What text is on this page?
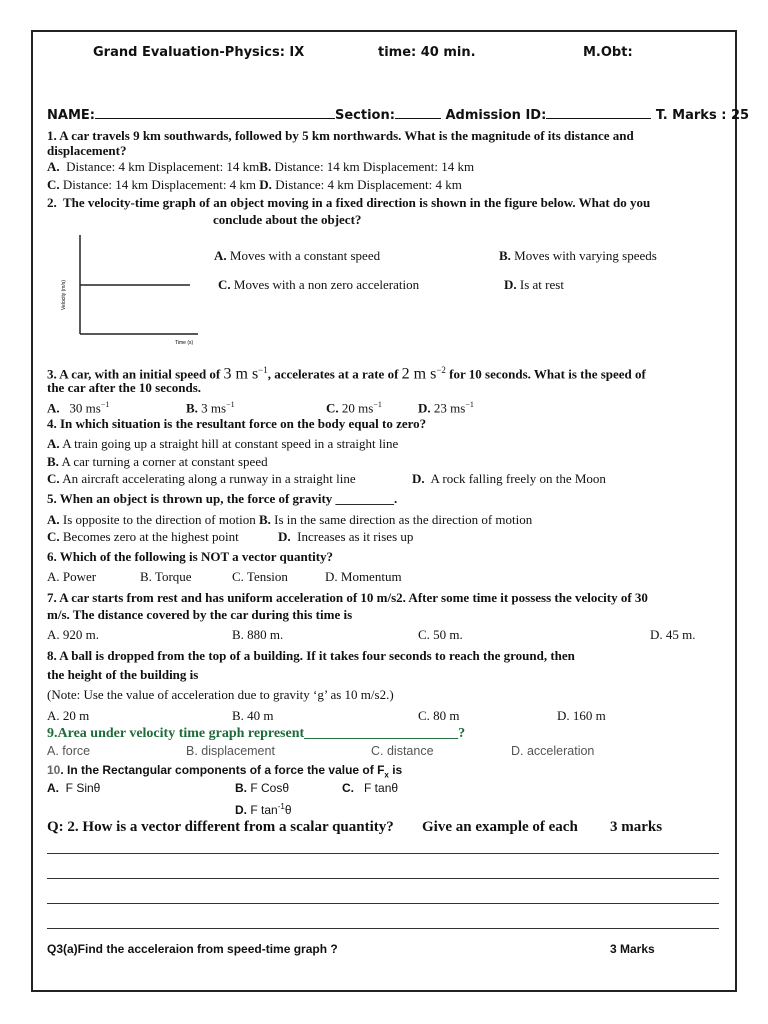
Grand Evaluation-Physics: IX	time: 40 min.	M.Obt:
NAME:	Section:	Admission ID:	T. Marks : 25
1. A car travels 9 km southwards, followed by 5 km northwards. What is the magnitude of its distance and
displacement?
A. Distance: 4 km Displacement: 14 kmB. Distance: 14 km Displacement: 14 km
C. Distance: 14 km Displacement: 4 km D. Distance: 4 km Displacement: 4 km
2. The velocity-time graph of an object moving in a fixed direction is shown in the figure below. What do you
conclude about the object?
Velocity (m/s)
Time (s)
A. Moves with a constant speed	B. Moves with varying speeds
C. Moves with a non zero acceleration	D. Is at rest
3. A car, with an initial speed of 3 m $s^{-1}$, accelerates at a rate of 2 m $s^{-2}$ for 10 seconds. What is the speed of
the car after the 10 seconds.
A. 30 $ms^{-1}$	B. 3 $ms^{-1}$	C. 20 $ms^{-1}$	D. 23 $ms^{-1}$
4. In which situation is the resultant force on the body equal to zero?
A. A train going up a straight hill at constant speed in a straight line
B. A car turning a corner at constant speed
C. An aircraft accelerating along a runway in a straight line	D. A rock falling freely on the Moon
5. When an object is thrown up, the force of gravity _________.
A. Is opposite to the direction of motion B. Is in the same direction as the direction of motion
C. Becomes zero at the highest point	D. Increases as it rises up
6. Which of the following is NOT a vector quantity?
A. Power	B. Torque	C. Tension	D. Momentum
7. A car starts from rest and has uniform acceleration of 10 m/s2. After some time it possess the velocity of 30
m/s. The distance covered by the car during this time is
A. 920 m.	B. 880 m.	C. 50 m.	D. 45 m.
8. A ball is dropped from the top of a building. If it takes four seconds to reach the ground, then
the height of the building is
(Note: Use the value of acceleration due to gravity ‘g’ as 10 m/s2.)
A. 20 m	B. 40 m	C. 80 m	D. 160 m
9.Area under velocity time graph represent______________________?
A. force	B. displacement	C. distance	D. acceleration
10. In the Rectangular components of a force the value of $F_x$ is
A. F Sinθ	B. F Cosθ	C. F tanθ
D. F $\tan^{-1}\theta$
Q: 2. How is a vector different from a scalar quantity? Give an example of each 3 marks
Q3(a)Find the acceleraion from speed-time graph ?	3 Marks
